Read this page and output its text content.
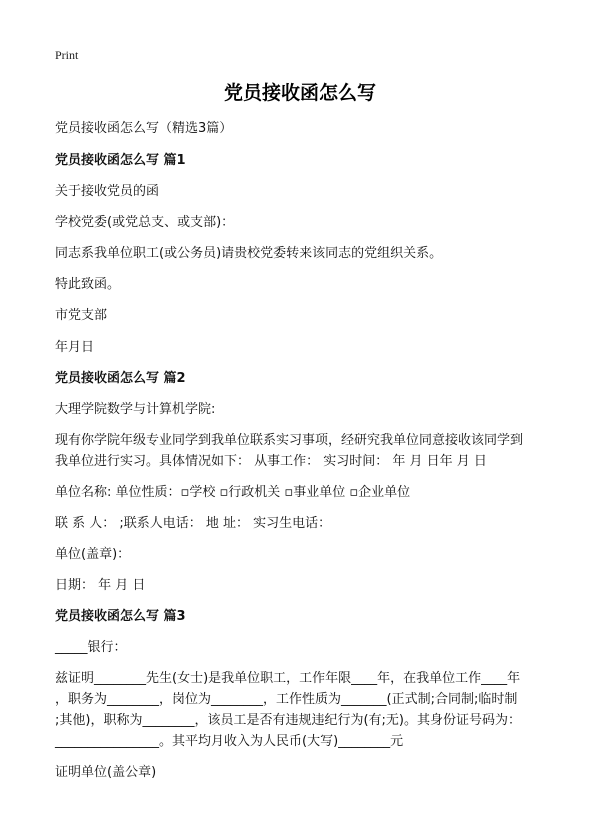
Print
党员接收函怎么写
党员接收函怎么写（精选3篇）
党员接收函怎么写 篇1
关于接收党员的函
学校党委(或党总支、或支部)：
同志系我单位职工(或公务员)请贵校党委转来该同志的党组织关系。
特此致函。
市党支部
年月日
党员接收函怎么写 篇2
大理学院数学与计算机学院:
现有你学院年级专业同学到我单位联系实习事项，经研究我单位同意接收该同学到
我单位进行实习。具体情况如下： 从事工作： 实习时间： 年 月 日年 月 日
单位名称: 单位性质：▫学校 ▫行政机关 ▫事业单位 ▫企业单位
联 系 人： ;联系人电话： 地 址： 实习生电话：
单位(盖章)：
日期： 年 月 日
党员接收函怎么写 篇3
_____银行：
兹证明________先生(女士)是我单位职工，工作年限____年，在我单位工作____年
，职务为________，岗位为________，工作性质为_______(正式制;合同制;临时制
;其他)，职称为________，该员工是否有违规违纪行为(有;无)。其身份证号码为：
________________。其平均月收入为人民币(大写)________元
证明单位(盖公章)
